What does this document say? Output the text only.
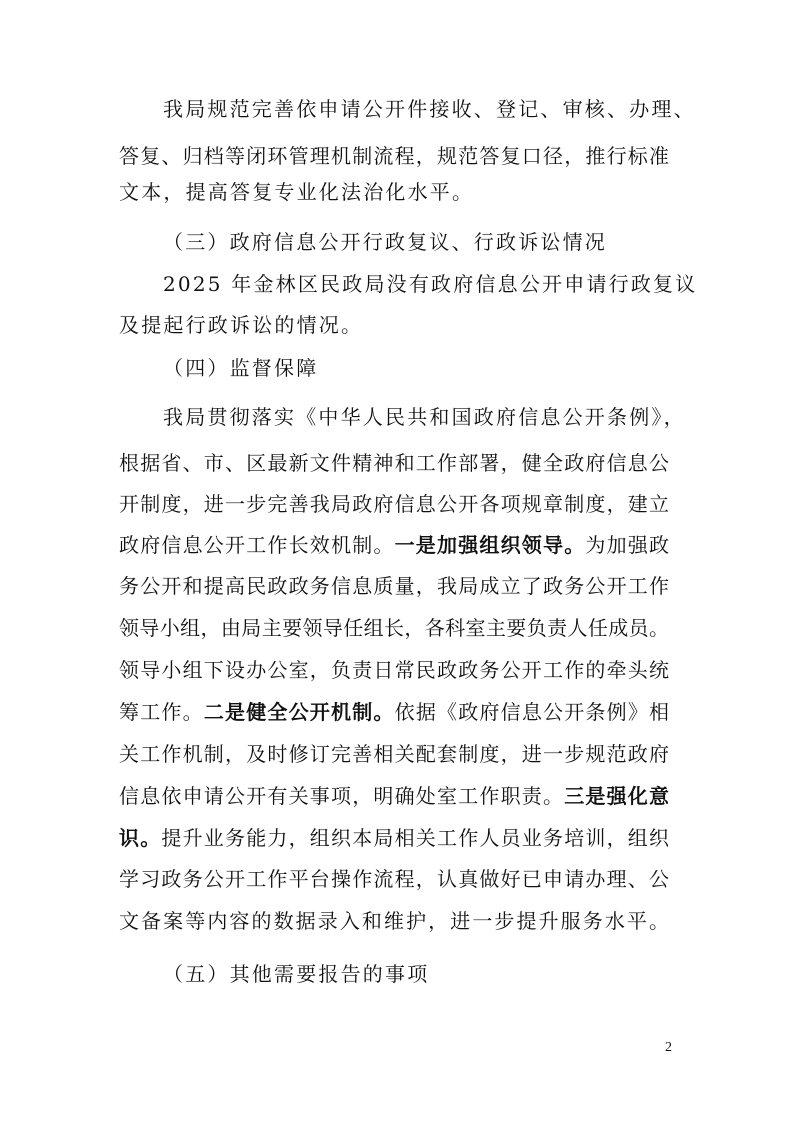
我局规范完善依申请公开件接收、登记、审核、办理、
答复、归档等闭环管理机制流程，规范答复口径，推行标准
文本，提高答复专业化法治化水平。
（三）政府信息公开行政复议、行政诉讼情况
2025 年金林区民政局没有政府信息公开申请行政复议
及提起行政诉讼的情况。
（四）监督保障
我局贯彻落实《中华人民共和国政府信息公开条例》，
根据省、市、区最新文件精神和工作部署，健全政府信息公
开制度，进一步完善我局政府信息公开各项规章制度，建立
政府信息公开工作长效机制。一是加强组织领导。为加强政
务公开和提高民政政务信息质量，我局成立了政务公开工作
领导小组，由局主要领导任组长，各科室主要负责人任成员。
领导小组下设办公室，负责日常民政政务公开工作的牵头统
筹工作。二是健全公开机制。依据《政府信息公开条例》相
关工作机制，及时修订完善相关配套制度，进一步规范政府
信息依申请公开有关事项，明确处室工作职责。三是强化意
识。提升业务能力，组织本局相关工作人员业务培训，组织
学习政务公开工作平台操作流程，认真做好已申请办理、公
文备案等内容的数据录入和维护，进一步提升服务水平。
（五）其他需要报告的事项
2
